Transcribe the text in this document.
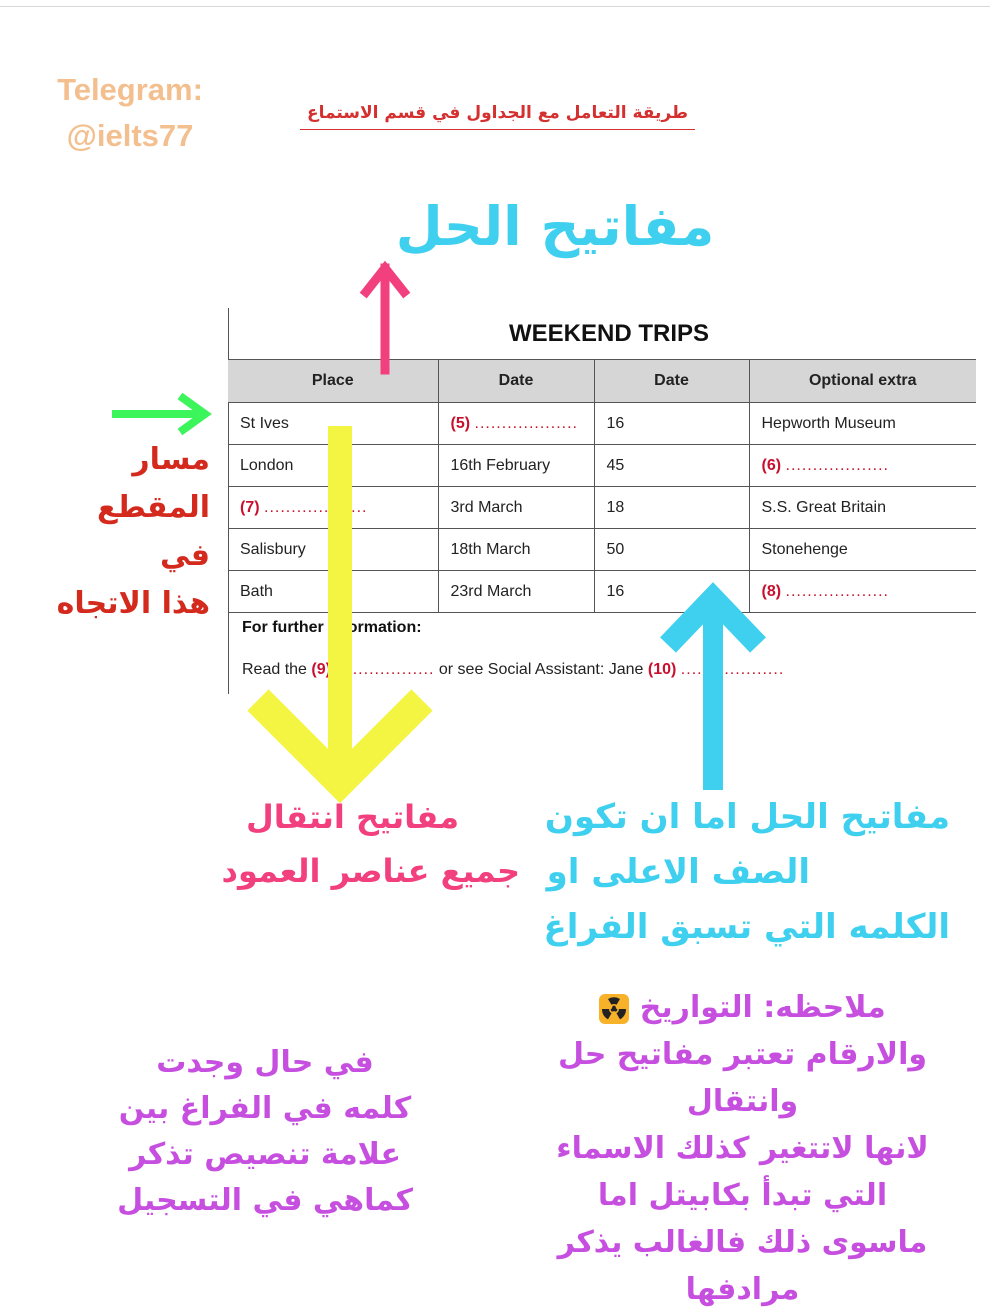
Telegram:
@ielts77
طريقة التعامل مع الجداول في قسم الاستماع
مفاتيح الحل
WEEKEND TRIPS
Place	Date	Date	Optional extra
St Ives	(5) ...................	16	Hepworth Museum
London	16th February	45	(6) ...................
(7) ...................	3rd March	18	S.S. Great Britain
Salisbury	18th March	50	Stonehenge
Bath	23rd March	16	(8) ...................
For further information:
Read the (9)................... or see Social Assistant: Jane (10) ...................
مسار المقطع
في
هذا الاتجاه
مفاتيح انتقال
جميع عناصر العمود
مفاتيح الحل اما ان تكون
الصف الاعلى او
الكلمه التي تسبق الفراغ
ملاحظه: التواريخ
والارقام تعتبر مفاتيح حل وانتقال
لانها لاتتغير كذلك الاسماء
التي تبدأ بكابيتل اما
ماسوى ذلك فالغالب يذكر مرادفها
في حال وجدت
كلمه في الفراغ بين
علامة تنصيص تذكر
كماهي في التسجيل
